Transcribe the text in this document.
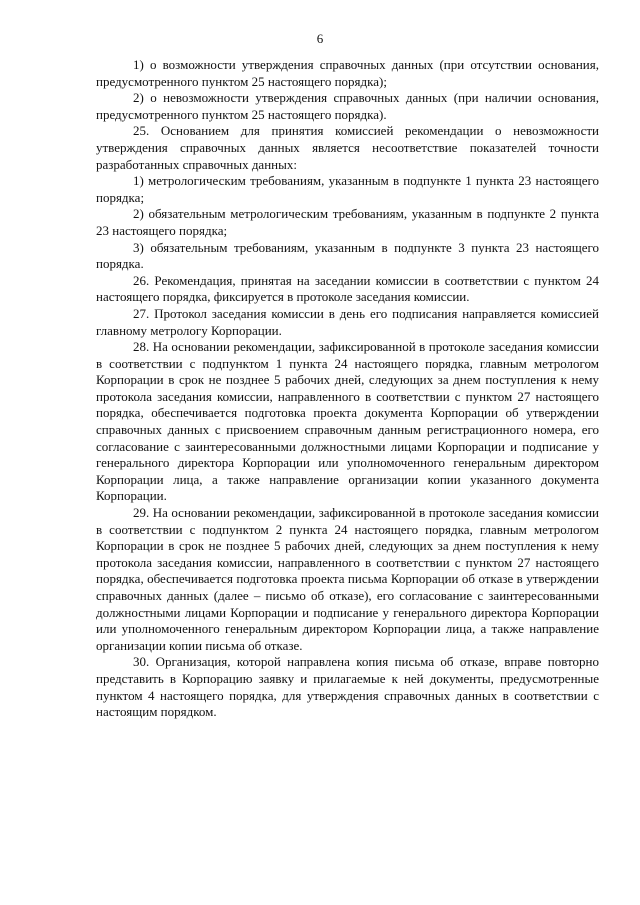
6

1) о возможности утверждения справочных данных (при отсутствии основания, предусмотренного пунктом 25 настоящего порядка);

2) о невозможности утверждения справочных данных (при наличии основания, предусмотренного пунктом 25 настоящего порядка).

25. Основанием для принятия комиссией рекомендации о невозможности утверждения справочных данных является несоответствие показателей точности разработанных справочных данных:

1) метрологическим требованиям, указанным в подпункте 1 пункта 23 настоящего порядка;

2) обязательным метрологическим требованиям, указанным в подпункте 2 пункта 23 настоящего порядка;

3) обязательным требованиям, указанным в подпункте 3 пункта 23 настоящего порядка.

26. Рекомендация, принятая на заседании комиссии в соответствии с пунктом 24 настоящего порядка, фиксируется в протоколе заседания комиссии.

27. Протокол заседания комиссии в день его подписания направляется комиссией главному метрологу Корпорации.

28. На основании рекомендации, зафиксированной в протоколе заседания комиссии в соответствии с подпунктом 1 пункта 24 настоящего порядка, главным метрологом Корпорации в срок не позднее 5 рабочих дней, следующих за днем поступления к нему протокола заседания комиссии, направленного в соответствии с пунктом 27 настоящего порядка, обеспечивается подготовка проекта документа Корпорации об утверждении справочных данных с присвоением справочным данным регистрационного номера, его согласование с заинтересованными должностными лицами Корпорации и подписание у генерального директора Корпорации или уполномоченного генеральным директором Корпорации лица, а также направление организации копии указанного документа Корпорации.

29. На основании рекомендации, зафиксированной в протоколе заседания комиссии в соответствии с подпунктом 2 пункта 24 настоящего порядка, главным метрологом Корпорации в срок не позднее 5 рабочих дней, следующих за днем поступления к нему протокола заседания комиссии, направленного в соответствии с пунктом 27 настоящего порядка, обеспечивается подготовка проекта письма Корпорации об отказе в утверждении справочных данных (далее – письмо об отказе), его согласование с заинтересованными должностными лицами Корпорации и подписание у генерального директора Корпорации или уполномоченного генеральным директором Корпорации лица, а также направление организации копии письма об отказе.

30. Организация, которой направлена копия письма об отказе, вправе повторно представить в Корпорацию заявку и прилагаемые к ней документы, предусмотренные пунктом 4 настоящего порядка, для утверждения справочных данных в соответствии с настоящим порядком.
